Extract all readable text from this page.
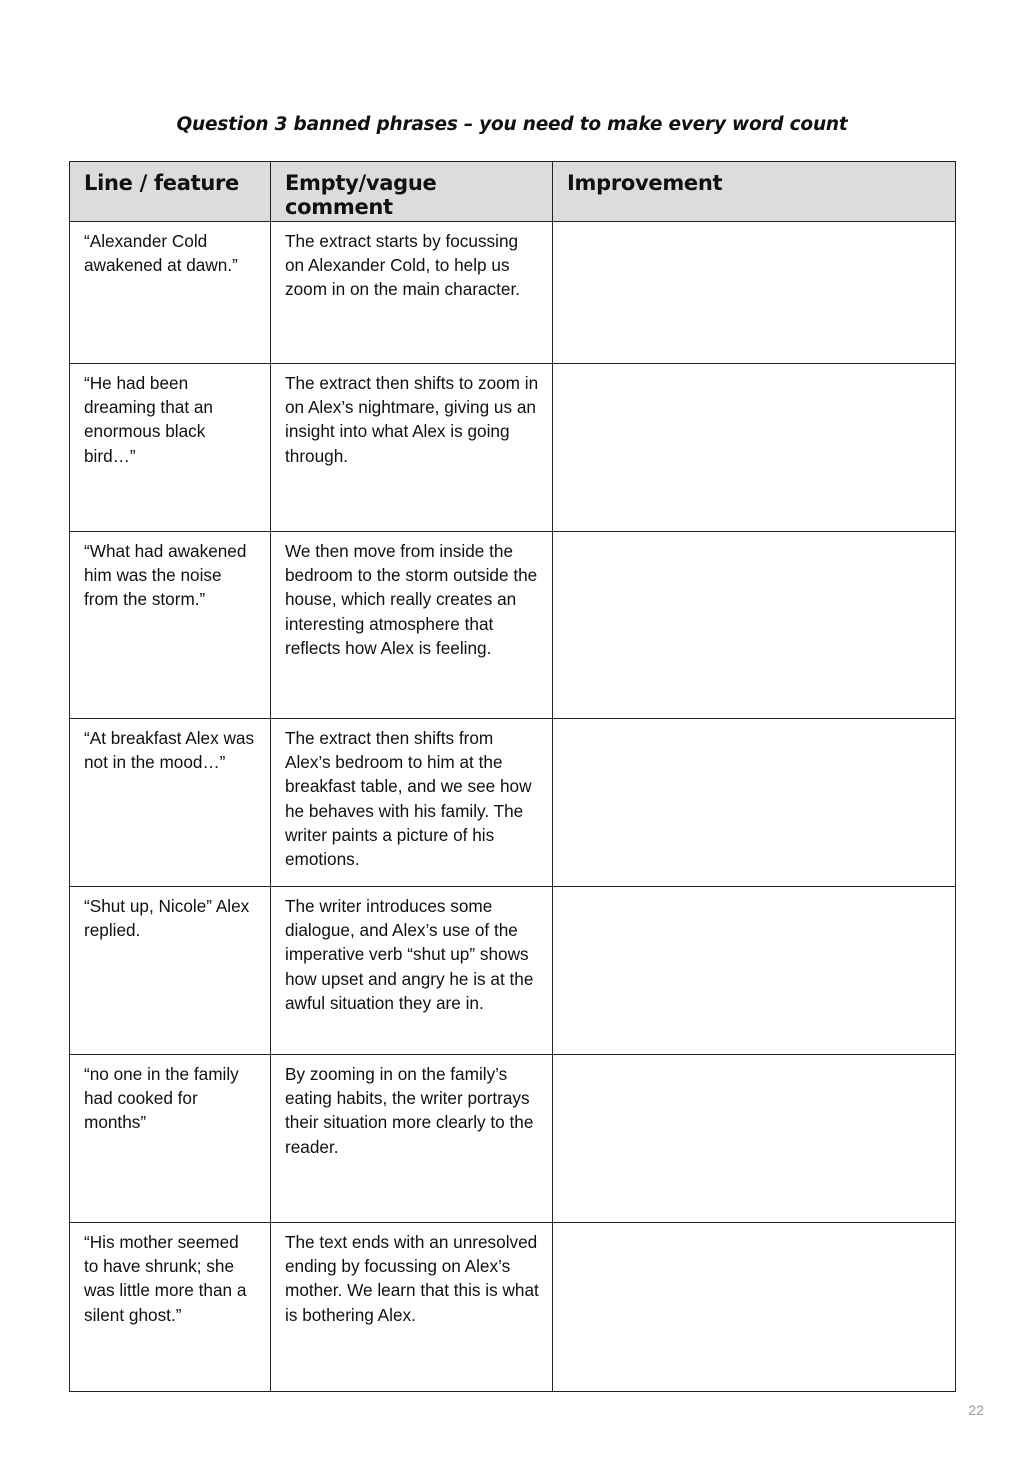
Question 3 banned phrases – you need to make every word count
Line / feature	Empty/vague comment	Improvement
“Alexander Cold awakened at dawn.”	The extract starts by focussing on Alexander Cold, to help us zoom in on the main character.	
“He had been dreaming that an enormous black bird…”	The extract then shifts to zoom in on Alex’s nightmare, giving us an insight into what Alex is going through.	
“What had awakened him was the noise from the storm.”	We then move from inside the bedroom to the storm outside the house, which really creates an interesting atmosphere that reflects how Alex is feeling.	
“At breakfast Alex was not in the mood…”	The extract then shifts from Alex’s bedroom to him at the breakfast table, and we see how he behaves with his family. The writer paints a picture of his emotions.	
“Shut up, Nicole” Alex replied.	The writer introduces some dialogue, and Alex’s use of the imperative verb “shut up” shows how upset and angry he is at the awful situation they are in.	
“no one in the family had cooked for months”	By zooming in on the family’s eating habits, the writer portrays their situation more clearly to the reader.	
“His mother seemed to have shrunk; she was little more than a silent ghost.”	The text ends with an unresolved ending by focussing on Alex’s mother. We learn that this is what is bothering Alex.	
22
